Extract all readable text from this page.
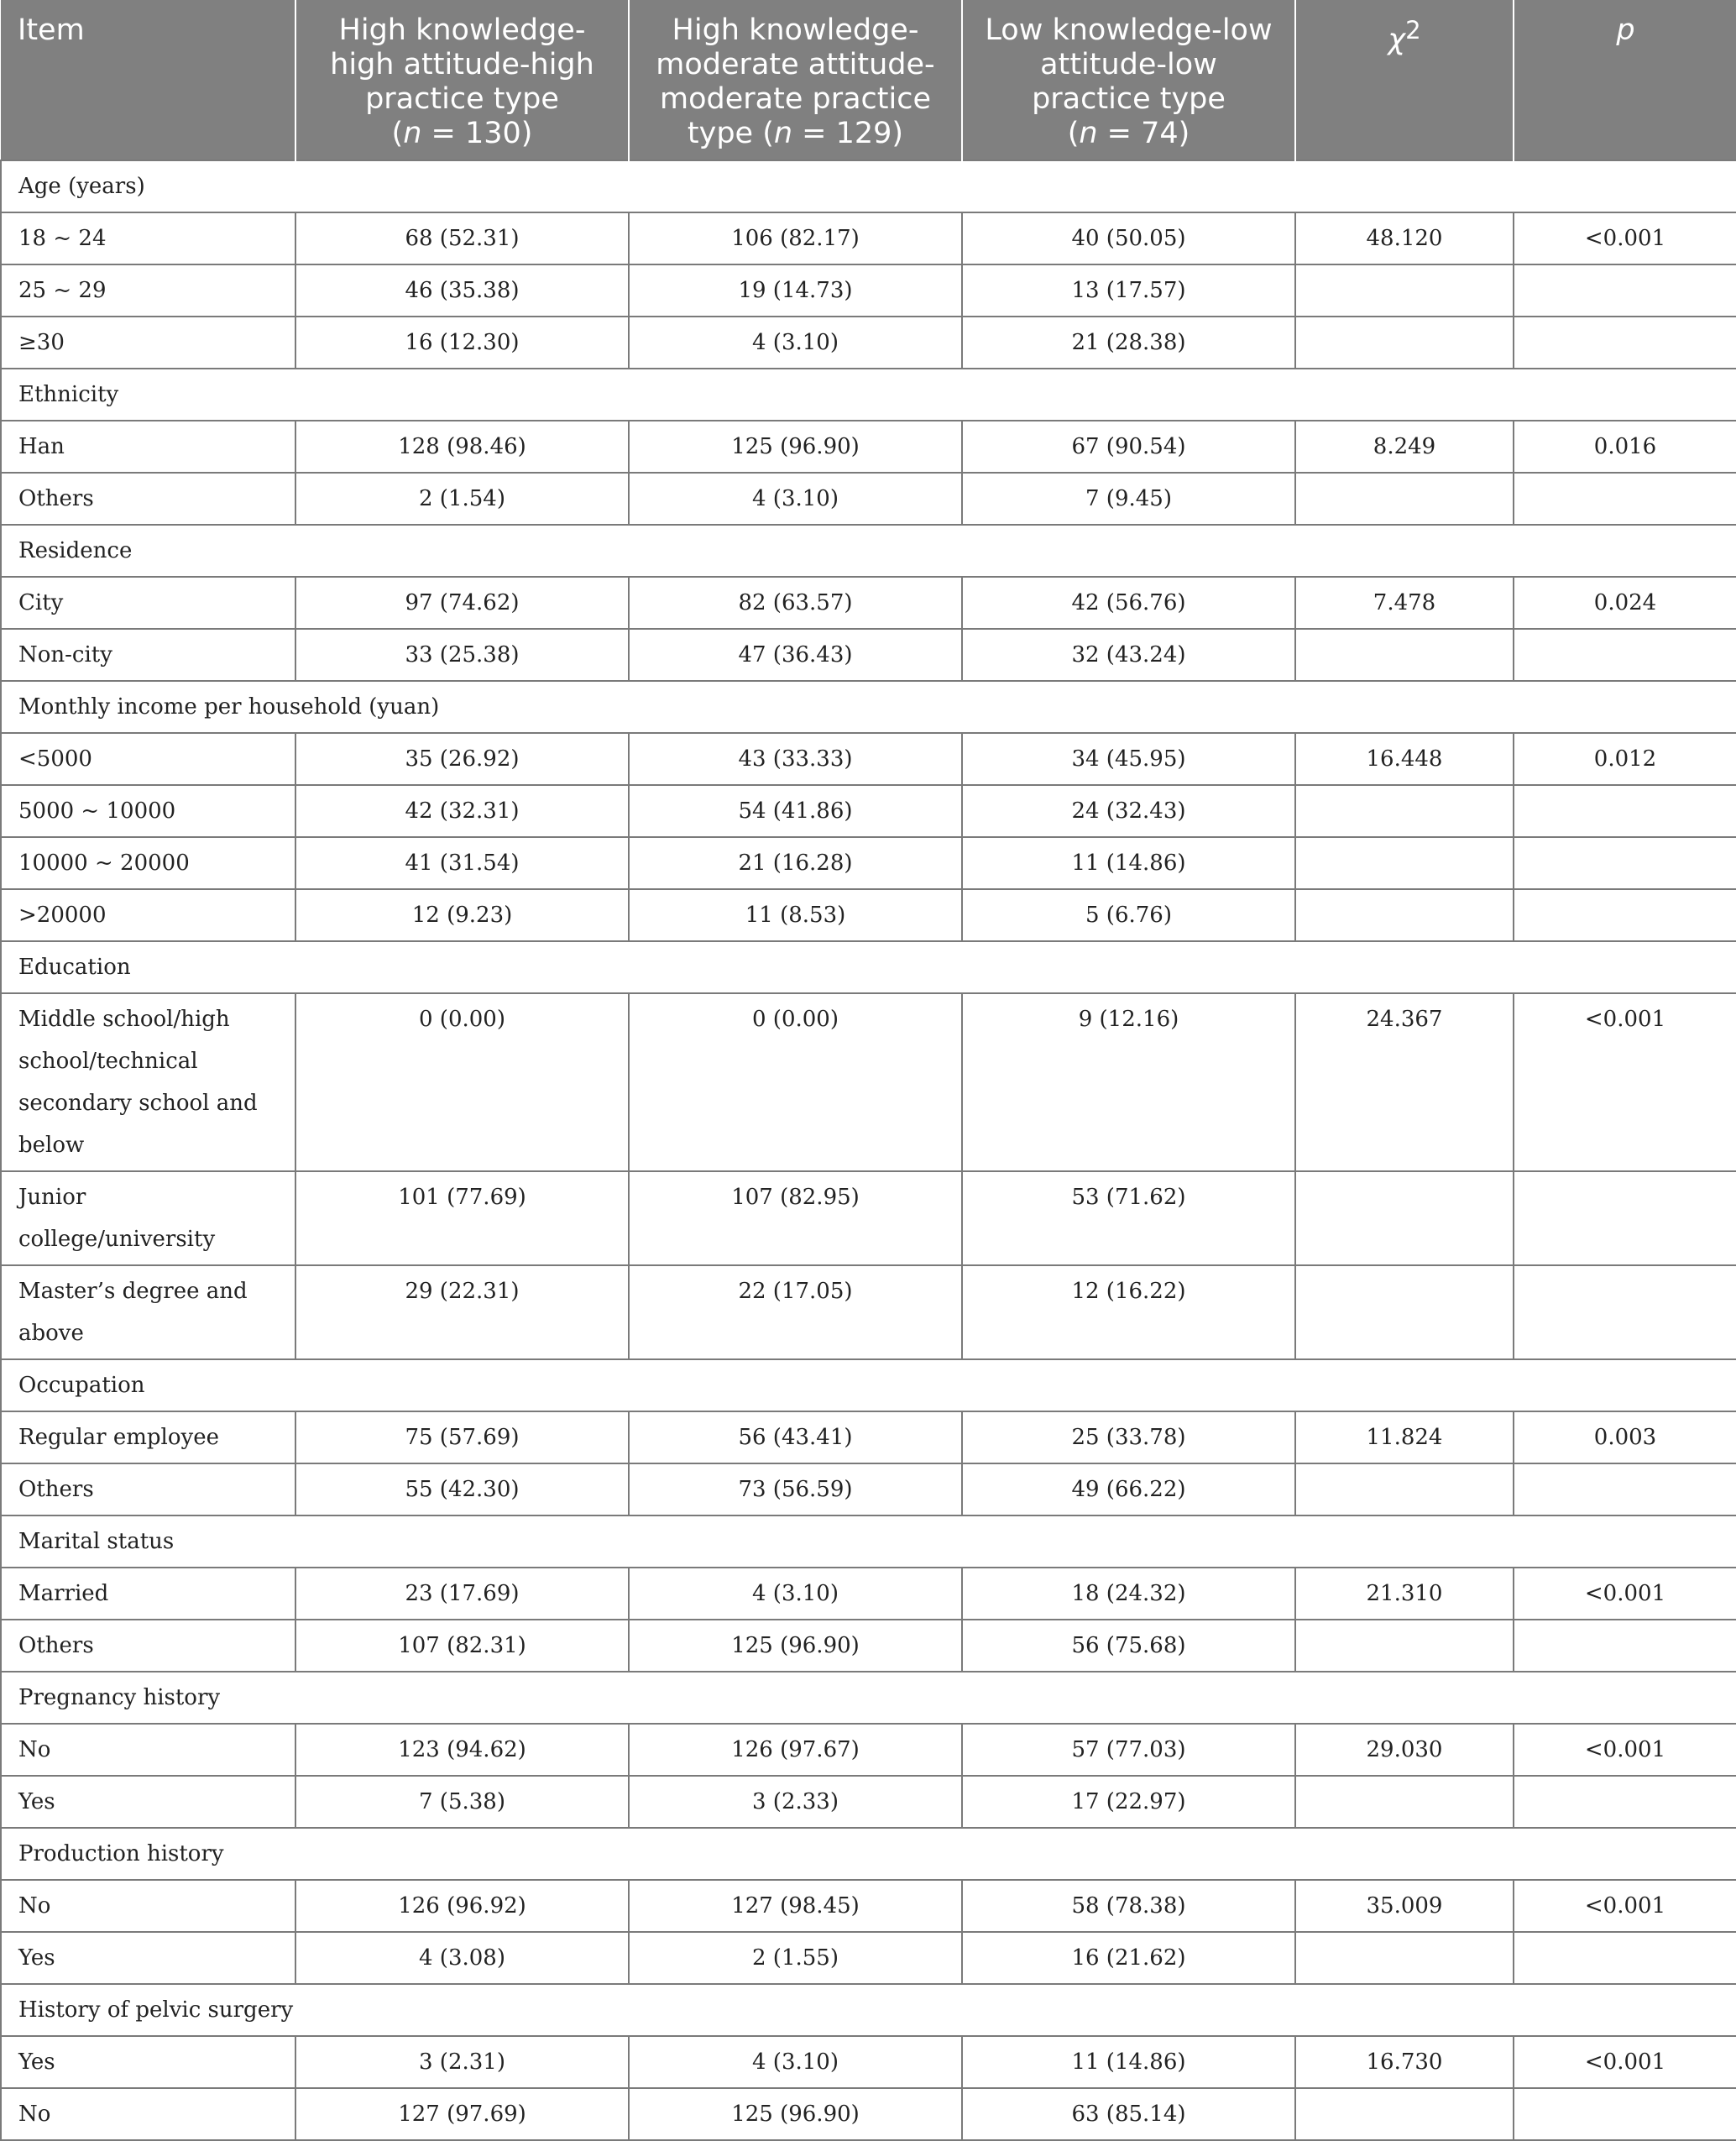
Item	High knowledge-
high attitude-high
practice type
(n = 130)	High knowledge-
moderate attitude-
moderate practice
type (n = 129)	Low knowledge-low
attitude-low
practice type
(n = 74)	$\chi^2$	p
Age (years)					
18 ~ 24	68 (52.31)	106 (82.17)	40 (50.05)	48.120	<0.001
25 ~ 29	46 (35.38)	19 (14.73)	13 (17.57)		
≥30	16 (12.30)	4 (3.10)	21 (28.38)		
Ethnicity					
Han	128 (98.46)	125 (96.90)	67 (90.54)	8.249	0.016
Others	2 (1.54)	4 (3.10)	7 (9.45)		
Residence					
City	97 (74.62)	82 (63.57)	42 (56.76)	7.478	0.024
Non-city	33 (25.38)	47 (36.43)	32 (43.24)		
Monthly income per household (yuan)					
<5000	35 (26.92)	43 (33.33)	34 (45.95)	16.448	0.012
5000 ~ 10000	42 (32.31)	54 (41.86)	24 (32.43)		
10000 ~ 20000	41 (31.54)	21 (16.28)	11 (14.86)		
>20000	12 (9.23)	11 (8.53)	5 (6.76)		
Education					
Middle school/high school/technical secondary school and below	0 (0.00)	0 (0.00)	9 (12.16)	24.367	<0.001
Junior college/university	101 (77.69)	107 (82.95)	53 (71.62)		
Master’s degree and above	29 (22.31)	22 (17.05)	12 (16.22)		
Occupation					
Regular employee	75 (57.69)	56 (43.41)	25 (33.78)	11.824	0.003
Others	55 (42.30)	73 (56.59)	49 (66.22)		
Marital status					
Married	23 (17.69)	4 (3.10)	18 (24.32)	21.310	<0.001
Others	107 (82.31)	125 (96.90)	56 (75.68)		
Pregnancy history					
No	123 (94.62)	126 (97.67)	57 (77.03)	29.030	<0.001
Yes	7 (5.38)	3 (2.33)	17 (22.97)		
Production history					
No	126 (96.92)	127 (98.45)	58 (78.38)	35.009	<0.001
Yes	4 (3.08)	2 (1.55)	16 (21.62)		
History of pelvic surgery					
Yes	3 (2.31)	4 (3.10)	11 (14.86)	16.730	<0.001
No	127 (97.69)	125 (96.90)	63 (85.14)		
